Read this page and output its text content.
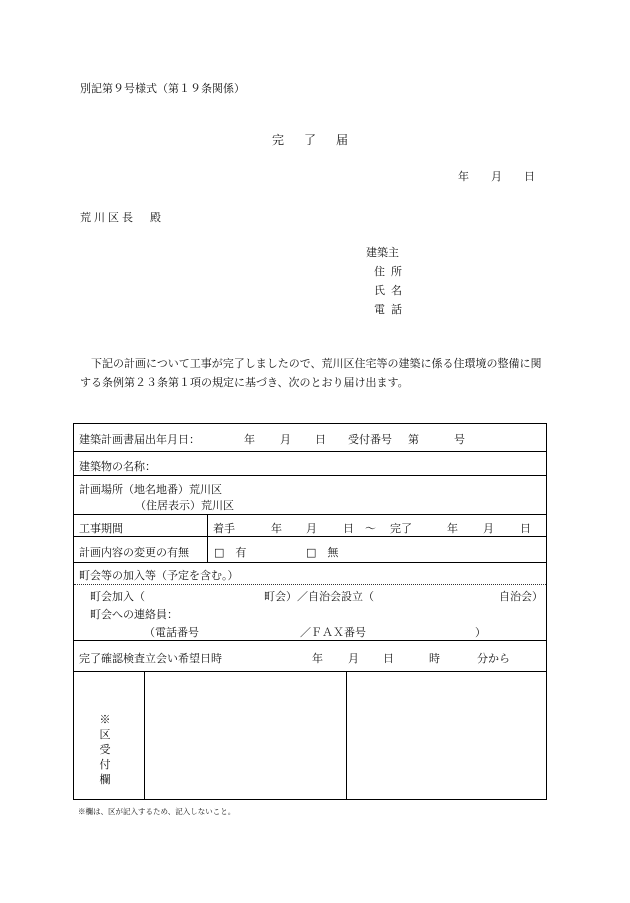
別記第９号様式（第１９条関係）
完 了 届
年 月 日
荒川区長　殿
建築主
住所
氏名
電話
下記の計画について工事が完了しましたので、荒川区住宅等の建築に係る住環境の整備に関する条例第２３条第１項の規定に基づき、次のとおり届け出ます。
建築計画書届出年月日：	年 月 日 受付番号 第	号
建築物の名称：
計画場所（地名地番）荒川区
（住居表示）荒川区
工事期間	着手	年 月 日 〜 完了	年 月 日
計画内容の変更の有無 □　有	□　無
町会等の加入等（予定を含む。）
町会加入（	町会）／自治会設立（	自治会）
町会への連絡員：
（電話番号	／ＦＡＸ番号	）
完了確認検査立会い希望日時	年 月 日	時	分から
※区受付欄
※欄は、区が記入するため、記入しないこと。
